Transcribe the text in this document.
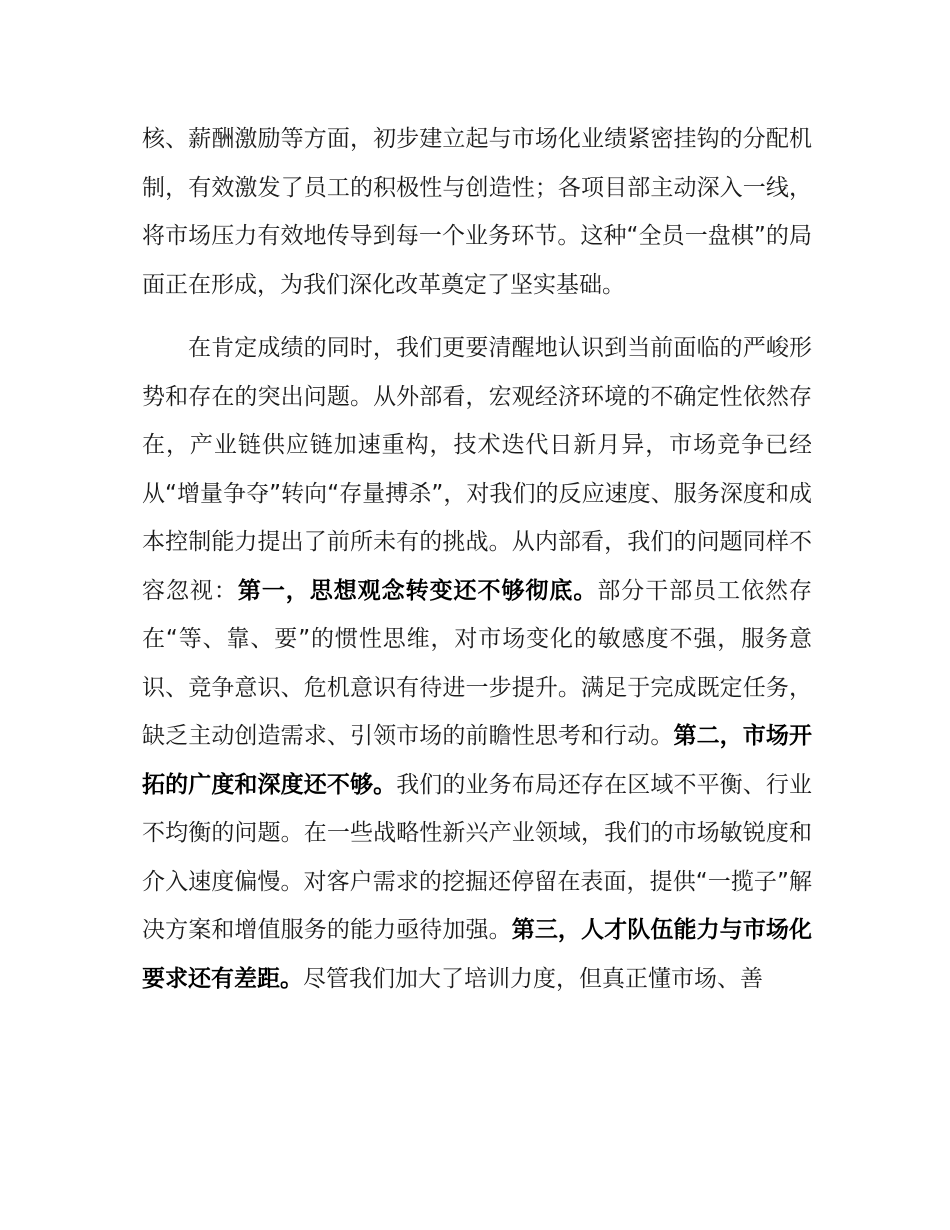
核、薪酬激励等方面，初步建立起与市场化业绩紧密挂钩的分配机制，有效激发了员工的积极性与创造性；各项目部主动深入一线，将市场压力有效地传导到每一个业务环节。这种“全员一盘棋”的局面正在形成，为我们深化改革奠定了坚实基础。

在肯定成绩的同时，我们更要清醒地认识到当前面临的严峻形势和存在的突出问题。从外部看，宏观经济环境的不确定性依然存在，产业链供应链加速重构，技术迭代日新月异，市场竞争已经从“增量争夺”转向“存量搏杀”，对我们的反应速度、服务深度和成本控制能力提出了前所未有的挑战。从内部看，我们的问题同样不容忽视：第一，思想观念转变还不够彻底。部分干部员工依然存在“等、靠、要”的惯性思维，对市场变化的敏感度不强，服务意识、竞争意识、危机意识有待进一步提升。满足于完成既定任务，缺乏主动创造需求、引领市场的前瞻性思考和行动。第二，市场开拓的广度和深度还不够。我们的业务布局还存在区域不平衡、行业不均衡的问题。在一些战略性新兴产业领域，我们的市场敏锐度和介入速度偏慢。对客户需求的挖掘还停留在表面，提供“一揽子”解决方案和增值服务的能力亟待加强。第三，人才队伍能力与市场化要求还有差距。尽管我们加大了培训力度，但真正懂市场、善
